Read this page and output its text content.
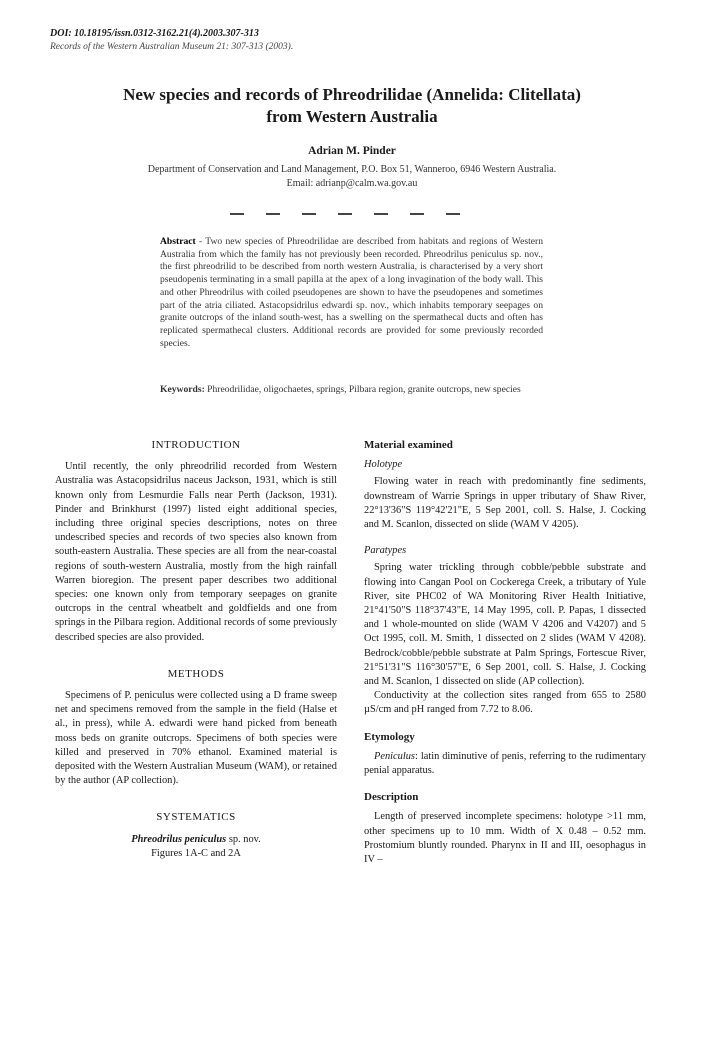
DOI: 10.18195/issn.0312-3162.21(4).2003.307-313
Records of the Western Australian Museum 21: 307-313 (2003).
New species and records of Phreodrilidae (Annelida: Clitellata)
from Western Australia
Adrian M. Pinder
Department of Conservation and Land Management, P.O. Box 51, Wanneroo, 6946 Western Australia.
Email: adrianp@calm.wa.gov.au
Abstract - Two new species of Phreodrilidae are described from habitats and regions of Western Australia from which the family has not previously been recorded. Phreodrilus peniculus sp. nov., the first phreodrilid to be described from north western Australia, is characterised by a very short pseudopenis terminating in a small papilla at the apex of a long invagination of the body wall. This and other Phreodrilus with coiled pseudopenes are shown to have the pseudopenes and sometimes part of the atria ciliated. Astacopsidrilus edwardi sp. nov., which inhabits temporary seepages on granite outcrops of the inland south-west, has a swelling on the spermathecal ducts and often has replicated spermathecal clusters. Additional records are provided for some previously recorded species.
Keywords: Phreodrilidae, oligochaetes, springs, Pilbara region, granite outcrops, new species
INTRODUCTION

Until recently, the only phreodrilid recorded from Western Australia was Astacopsidrilus naceus Jackson, 1931, which is still known only from Lesmurdie Falls near Perth (Jackson, 1931). Pinder and Brinkhurst (1997) listed eight additional species, including three original species descriptions, notes on three undescribed species and records of two species also known from south-eastern Australia. These species are all from the near-coastal regions of south-western Australia, mostly from the high rainfall Warren bioregion. The present paper describes two additional species: one known only from temporary seepages on granite outcrops in the central wheatbelt and goldfields and one from springs in the Pilbara region. Additional records of some previously described species are also provided.

METHODS

Specimens of P. peniculus were collected using a D frame sweep net and specimens removed from the sample in the field (Halse et al., in press), while A. edwardi were hand picked from beneath moss beds on granite outcrops. Specimens of both species were killed and preserved in 70% ethanol. Examined material is deposited with the Western Australian Museum (WAM), or retained by the author (AP collection).

SYSTEMATICS
Phreodrilus peniculus sp. nov.
Figures 1A-C and 2A
Material examined
Holotype

Flowing water in reach with predominantly fine sediments, downstream of Warrie Springs in upper tributary of Shaw River, 22°13'36"S 119°42'21"E, 5 Sep 2001, coll. S. Halse, J. Cocking and M. Scanlon, dissected on slide (WAM V 4205).

Paratypes

Spring water trickling through cobble/pebble substrate and flowing into Cangan Pool on Cockerega Creek, a tributary of Yule River, site PHC02 of WA Monitoring River Health Initiative, 21°41'50"S 118°37'43"E, 14 May 1995, coll. P. Papas, 1 dissected and 1 whole-mounted on slide (WAM V 4206 and V4207) and 5 Oct 1995, coll. M. Smith, 1 dissected on 2 slides (WAM V 4208). Bedrock/cobble/pebble substrate at Palm Springs, Fortescue River, 21°51'31"S 116°30'57"E, 6 Sep 2001, coll. S. Halse, J. Cocking and M. Scanlon, 1 dissected on slide (AP collection).

Conductivity at the collection sites ranged from 655 to 2580 µS/cm and pH ranged from 7.72 to 8.06.

Etymology

Peniculus: latin diminutive of penis, referring to the rudimentary penial apparatus.

Description

Length of preserved incomplete specimens: holotype >11 mm, other specimens up to 10 mm. Width of X 0.48 – 0.52 mm. Prostomium bluntly rounded. Pharynx in II and III, oesophagus in IV –
